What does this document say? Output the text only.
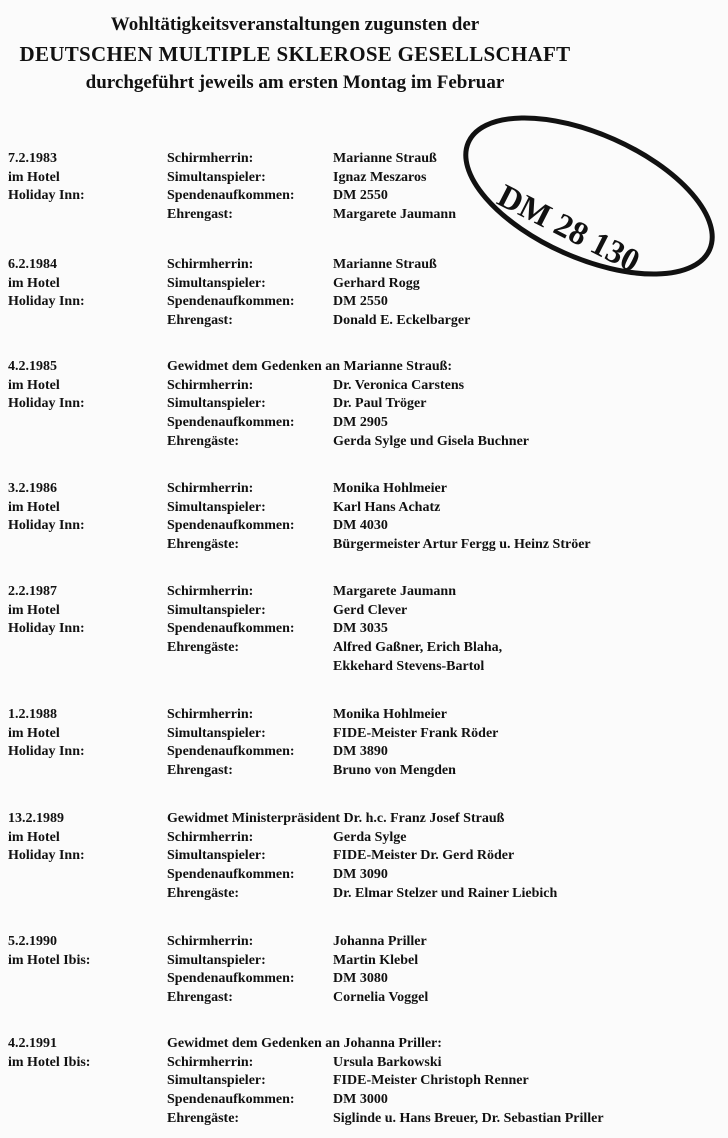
Wohltätigkeitsveranstaltungen zugunsten der
DEUTSCHEN MULTIPLE SKLEROSE GESELLSCHAFT
durchgeführt jeweils am ersten Montag im Februar
DM 28 130
7.2.1983
im Hotel
Holiday Inn:
Schirmherrin:
Simultanspieler:
Spendenaufkommen:
Ehrengast:
Marianne Strauß
Ignaz Meszaros
DM 2550
Margarete Jaumann
6.2.1984
im Hotel
Holiday Inn:
Schirmherrin:
Simultanspieler:
Spendenaufkommen:
Ehrengast:
Marianne Strauß
Gerhard Rogg
DM 2550
Donald E. Eckelbarger
4.2.1985
im Hotel
Holiday Inn:
Gewidmet dem Gedenken an Marianne Strauß:
Schirmherrin:
Simultanspieler:
Spendenaufkommen:
Ehrengäste:
Dr. Veronica Carstens
Dr. Paul Tröger
DM 2905
Gerda Sylge und Gisela Buchner
3.2.1986
im Hotel
Holiday Inn:
Schirmherrin:
Simultanspieler:
Spendenaufkommen:
Ehrengäste:
Monika Hohlmeier
Karl Hans Achatz
DM 4030
Bürgermeister Artur Fergg u. Heinz Ströer
2.2.1987
im Hotel
Holiday Inn:
Schirmherrin:
Simultanspieler:
Spendenaufkommen:
Ehrengäste:
Margarete Jaumann
Gerd Clever
DM 3035
Alfred Gaßner, Erich Blaha,
Ekkehard Stevens-Bartol
1.2.1988
im Hotel
Holiday Inn:
Schirmherrin:
Simultanspieler:
Spendenaufkommen:
Ehrengast:
Monika Hohlmeier
FIDE-Meister Frank Röder
DM 3890
Bruno von Mengden
13.2.1989
im Hotel
Holiday Inn:
Gewidmet Ministerpräsident Dr. h.c. Franz Josef Strauß
Schirmherrin:
Simultanspieler:
Spendenaufkommen:
Ehrengäste:
Gerda Sylge
FIDE-Meister Dr. Gerd Röder
DM 3090
Dr. Elmar Stelzer und Rainer Liebich
5.2.1990
im Hotel Ibis:
Schirmherrin:
Simultanspieler:
Spendenaufkommen:
Ehrengast:
Johanna Priller
Martin Klebel
DM 3080
Cornelia Voggel
4.2.1991
im Hotel Ibis:
Gewidmet dem Gedenken an Johanna Priller:
Schirmherrin:
Simultanspieler:
Spendenaufkommen:
Ehrengäste:
Ursula Barkowski
FIDE-Meister Christoph Renner
DM 3000
Siglinde u. Hans Breuer, Dr. Sebastian Priller
